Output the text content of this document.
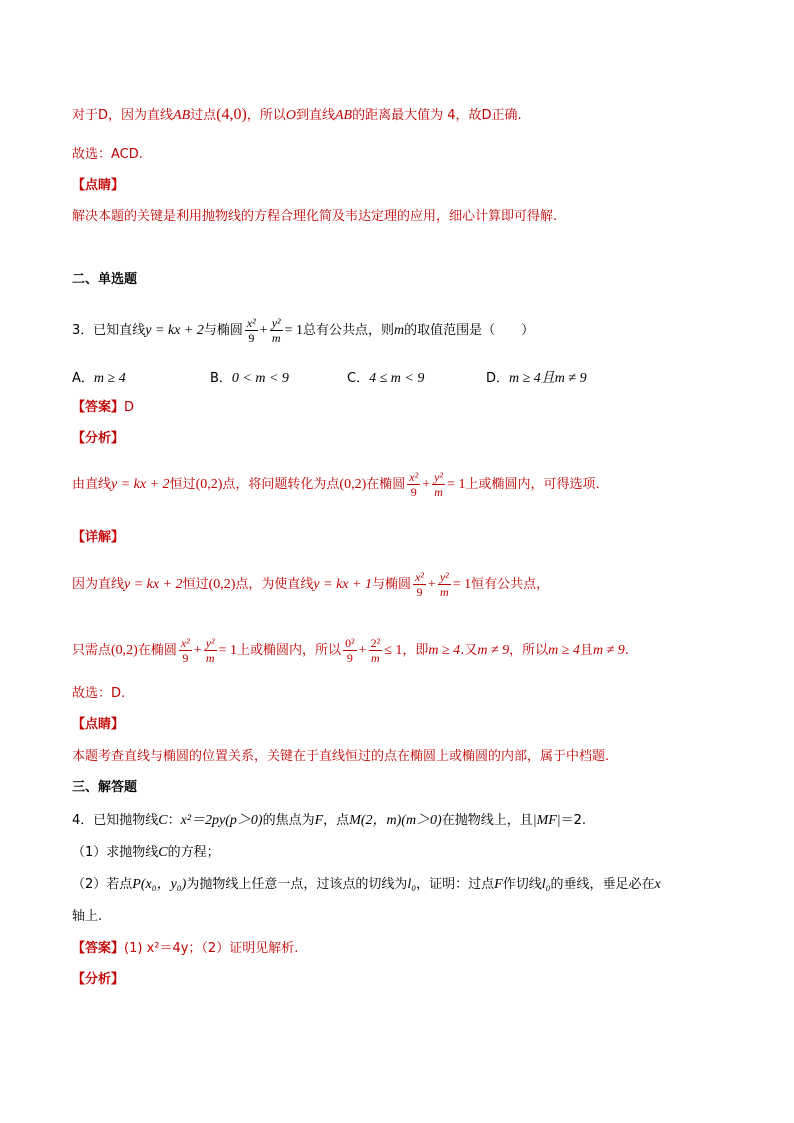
对于D，因为直线AB过点(4,0)，所以O到直线AB的距离最大值为 4，故D正确.
故选：ACD.
【点睛】
解决本题的关键是利用抛物线的方程合理化简及韦达定理的应用，细心计算即可得解.
二、单选题
3．已知直线y = kx + 2与椭圆 $\frac{\text{x²}}{9} + \frac{\text{y²}}{m} = 1$总有公共点，则m的取值范围是（　　）
A．m ≥ 4	B．0 < m < 9	C．4 ≤ m < 9	D．m ≥ 4且m ≠ 9
【答案】D
【分析】
由直线y = kx + 2恒过(0,2)点，将问题转化为点(0,2)在椭圆 $\frac{\text{x²}}{9} + \frac{\text{y²}}{m} = 1$上或椭圆内，可得选项.
【详解】
因为直线y = kx + 2恒过(0,2)点，为使直线y = kx + 1与椭圆 $\frac{\text{x²}}{9} + \frac{\text{y²}}{m} = 1$恒有公共点，
只需点(0,2)在椭圆 $\frac{\text{x²}}{9} + \frac{\text{y²}}{m} = 1$上或椭圆内，所以 $\frac{\text{0²}}{9} + \frac{\text{2²}}{m} \le 1$，即m ≥ 4.又m ≠ 9，所以m ≥ 4且m ≠ 9.
故选：D.
【点睛】
本题考查直线与椭圆的位置关系，关键在于直线恒过的点在椭圆上或椭圆的内部，属于中档题.
三、解答题
4．已知抛物线C：x²＝2py(p＞0)的焦点为F，点M(2，m)(m＞0)在抛物线上，且|MF|＝2.
（1）求抛物线C的方程；
（2）若点P(x₀，y₀)为抛物线上任意一点，过该点的切线为l₀，证明：过点F作切线l₀的垂线，垂足必在x
轴上.
【答案】(1) x²＝4y；（2）证明见解析.
【分析】
